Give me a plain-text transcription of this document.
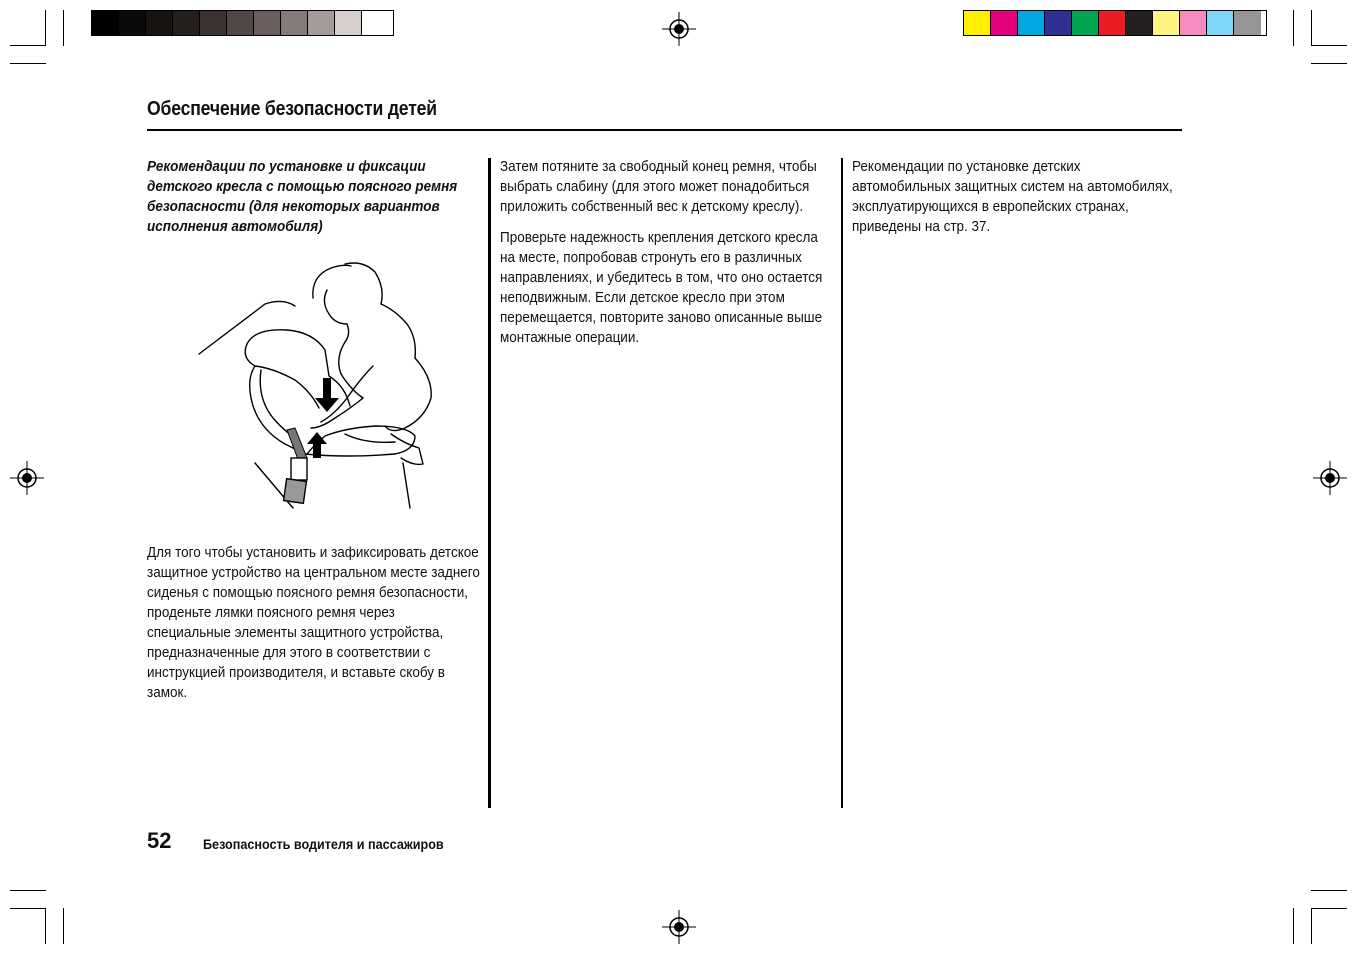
Обеспечение безопасности детей

Рекомендации по установке и фиксации детского кресла с помощью поясного ремня безопасности (для некоторых вариантов исполнения автомобиля)

Для того чтобы установить и зафиксировать детское защитное устройство на центральном месте заднего сиденья с помощью поясного ремня безопасности, проденьте лямки поясного ремня через специальные элементы защитного устройства, предназначенные для этого в соответствии с инструкцией производителя, и вставьте скобу в замок.

Затем потяните за свободный конец ремня, чтобы выбрать слабину (для этого может понадобиться приложить собственный вес к детскому креслу).

Проверьте надежность крепления детского кресла на месте, попробовав стронуть его в различных направлениях, и убедитесь в том, что оно остается неподвижным. Если детское кресло при этом перемещается, повторите заново описанные выше монтажные операции.

Рекомендации по установке детских автомобильных защитных систем на автомобилях, эксплуатирующихся в европейских странах, приведены на стр. 37.

52 Безопасность водителя и пассажиров
